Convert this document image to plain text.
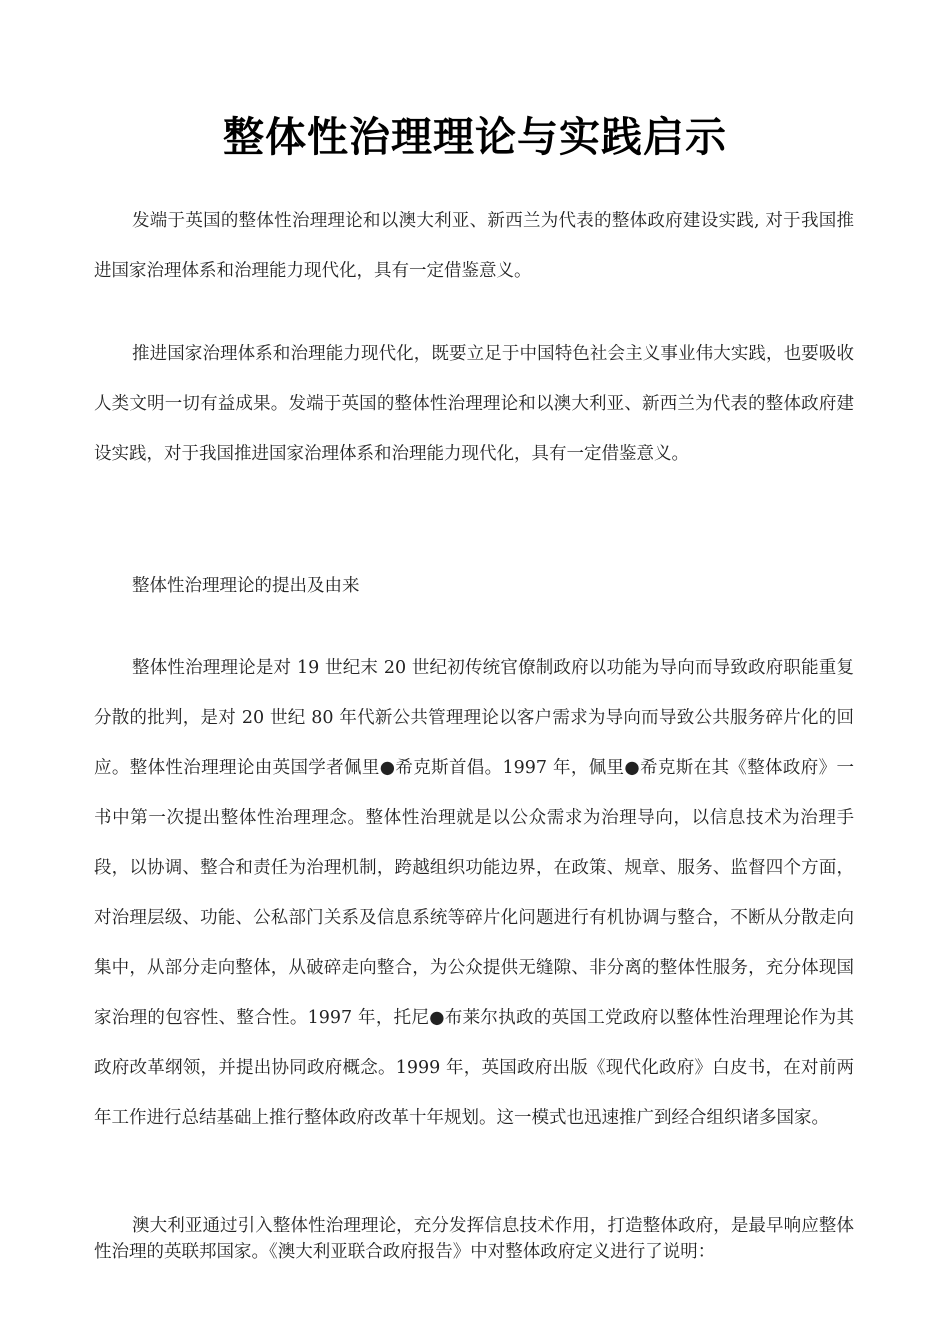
整体性治理理论与实践启示

发端于英国的整体性治理理论和以澳大利亚、新西兰为代表的整体政府建设实践, 对于我国推进国家治理体系和治理能力现代化，具有一定借鉴意义。

推进国家治理体系和治理能力现代化，既要立足于中国特色社会主义事业伟大实践，也要吸收人类文明一切有益成果。发端于英国的整体性治理理论和以澳大利亚、新西兰为代表的整体政府建设实践，对于我国推进国家治理体系和治理能力现代化，具有一定借鉴意义。

整体性治理理论的提出及由来

整体性治理理论是对 19 世纪末 20 世纪初传统官僚制政府以功能为导向而导致政府职能重复分散的批判，是对 20 世纪 80 年代新公共管理理论以客户需求为导向而导致公共服务碎片化的回应。整体性治理理论由英国学者佩里●希克斯首倡。1997 年，佩里●希克斯在其《整体政府》一书中第一次提出整体性治理理念。整体性治理就是以公众需求为治理导向，以信息技术为治理手段，以协调、整合和责任为治理机制，跨越组织功能边界，在政策、规章、服务、监督四个方面，对治理层级、功能、公私部门关系及信息系统等碎片化问题进行有机协调与整合，不断从分散走向集中，从部分走向整体，从破碎走向整合，为公众提供无缝隙、非分离的整体性服务，充分体现国家治理的包容性、整合性。1997 年，托尼●布莱尔执政的英国工党政府以整体性治理理论作为其政府改革纲领，并提出协同政府概念。1999 年，英国政府出版《现代化政府》白皮书，在对前两年工作进行总结基础上推行整体政府改革十年规划。这一模式也迅速推广到经合组织诸多国家。

澳大利亚通过引入整体性治理理论，充分发挥信息技术作用，打造整体政府，是最早响应整体性治理的英联邦国家。《澳大利亚联合政府报告》中对整体政府定义进行了说明：
